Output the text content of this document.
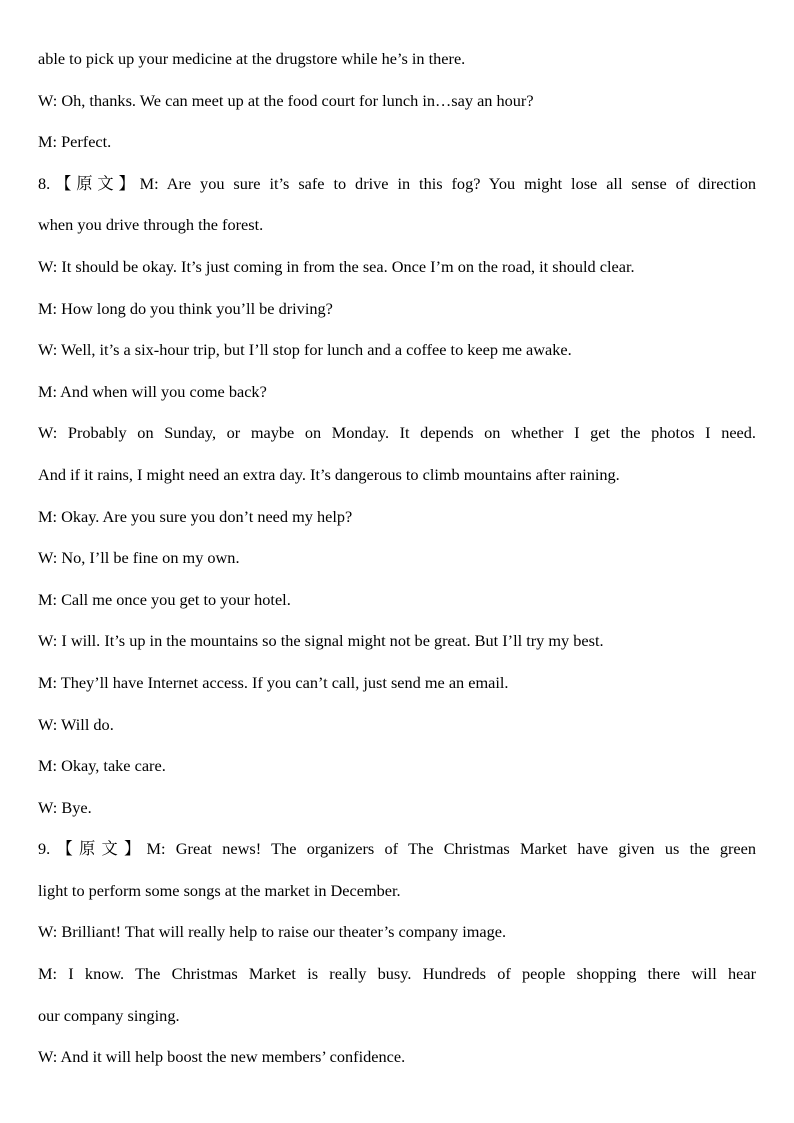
able to pick up your medicine at the drugstore while he’s in there.
W: Oh, thanks. We can meet up at the food court for lunch in…say an hour?
M: Perfect.
8.【原文】M: Are you sure it’s safe to drive in this fog? You might lose all sense of direction
when you drive through the forest.
W: It should be okay. It’s just coming in from the sea. Once I’m on the road, it should clear.
M: How long do you think you’ll be driving?
W: Well, it’s a six-hour trip, but I’ll stop for lunch and a coffee to keep me awake.
M: And when will you come back?
W: Probably on Sunday, or maybe on Monday. It depends on whether I get the photos I need.
And if it rains, I might need an extra day. It’s dangerous to climb mountains after raining.
M: Okay. Are you sure you don’t need my help?
W: No, I’ll be fine on my own.
M: Call me once you get to your hotel.
W: I will. It’s up in the mountains so the signal might not be great. But I’ll try my best.
M: They’ll have Internet access. If you can’t call, just send me an email.
W: Will do.
M: Okay, take care.
W: Bye.
9.【原文】M: Great news! The organizers of The Christmas Market have given us the green
light to perform some songs at the market in December.
W: Brilliant! That will really help to raise our theater’s company image.
M: I know. The Christmas Market is really busy. Hundreds of people shopping there will hear
our company singing.
W: And it will help boost the new members’ confidence.
